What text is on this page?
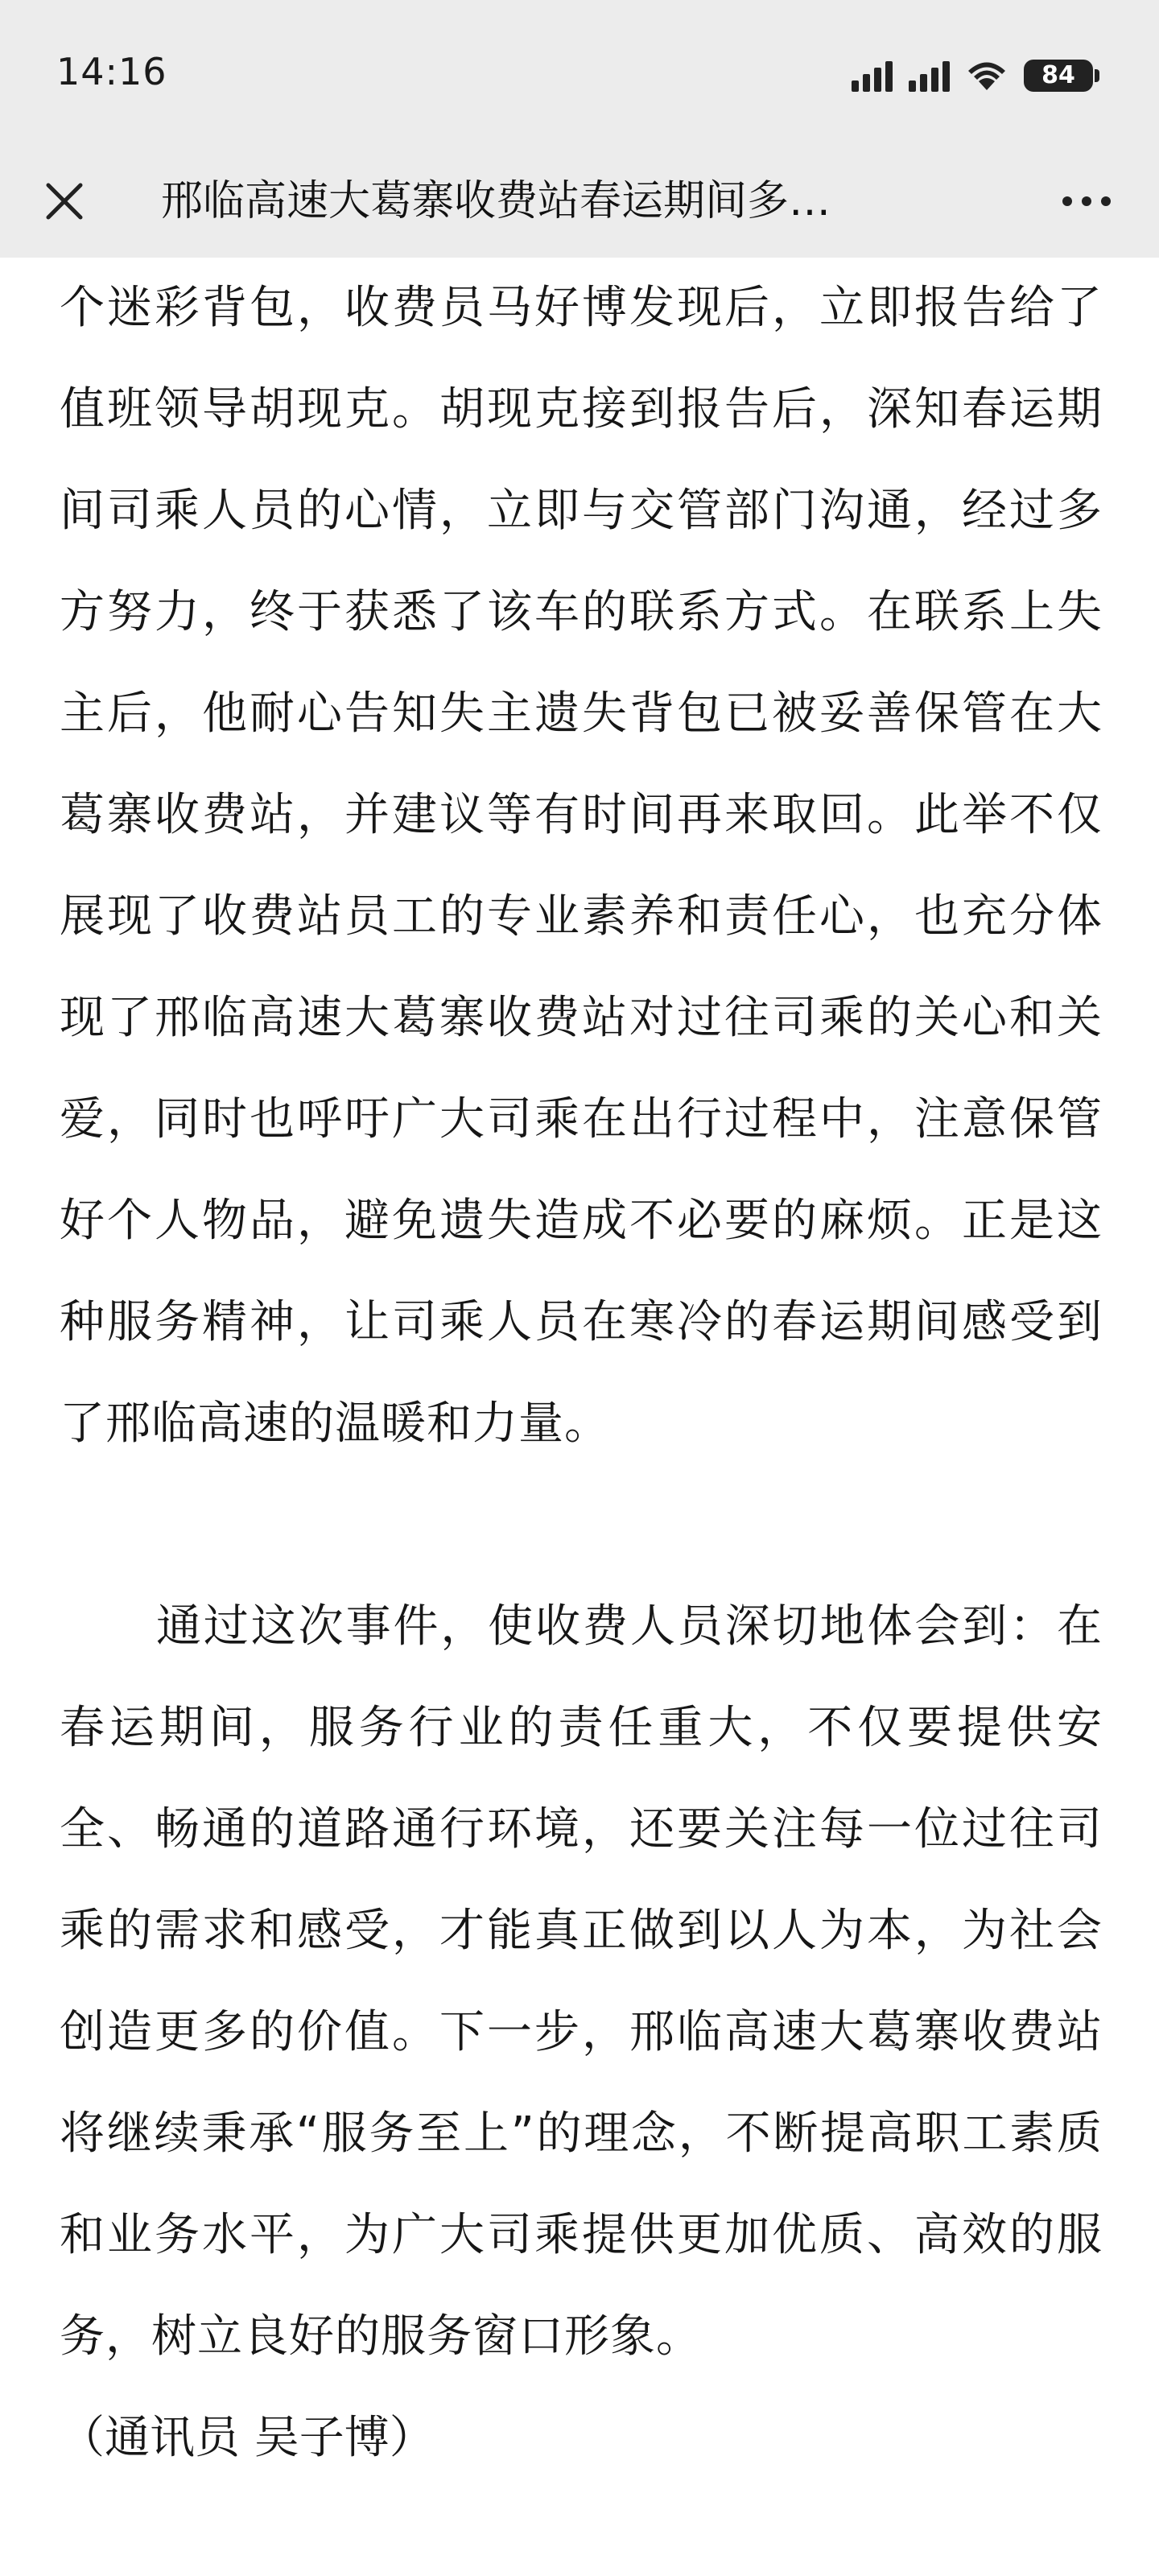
14:16	84
邢临高速大葛寨收费站春运期间多…

个迷彩背包，收费员马好博发现后，立即报告给了值班领导胡现克。胡现克接到报告后，深知春运期间司乘人员的心情，立即与交管部门沟通，经过多方努力，终于获悉了该车的联系方式。在联系上失主后，他耐心告知失主遗失背包已被妥善保管在大葛寨收费站，并建议等有时间再来取回。此举不仅展现了收费站员工的专业素养和责任心，也充分体现了邢临高速大葛寨收费站对过往司乘的关心和关爱，同时也呼吁广大司乘在出行过程中，注意保管好个人物品，避免遗失造成不必要的麻烦。正是这种服务精神，让司乘人员在寒冷的春运期间感受到了邢临高速的温暖和力量。

通过这次事件，使收费人员深切地体会到：在春运期间，服务行业的责任重大，不仅要提供安全、畅通的道路通行环境，还要关注每一位过往司乘的需求和感受，才能真正做到以人为本，为社会创造更多的价值。下一步，邢临高速大葛寨收费站将继续秉承“服务至上”的理念，不断提高职工素质和业务水平，为广大司乘提供更加优质、高效的服务，树立良好的服务窗口形象。

（通讯员 吴子博）
